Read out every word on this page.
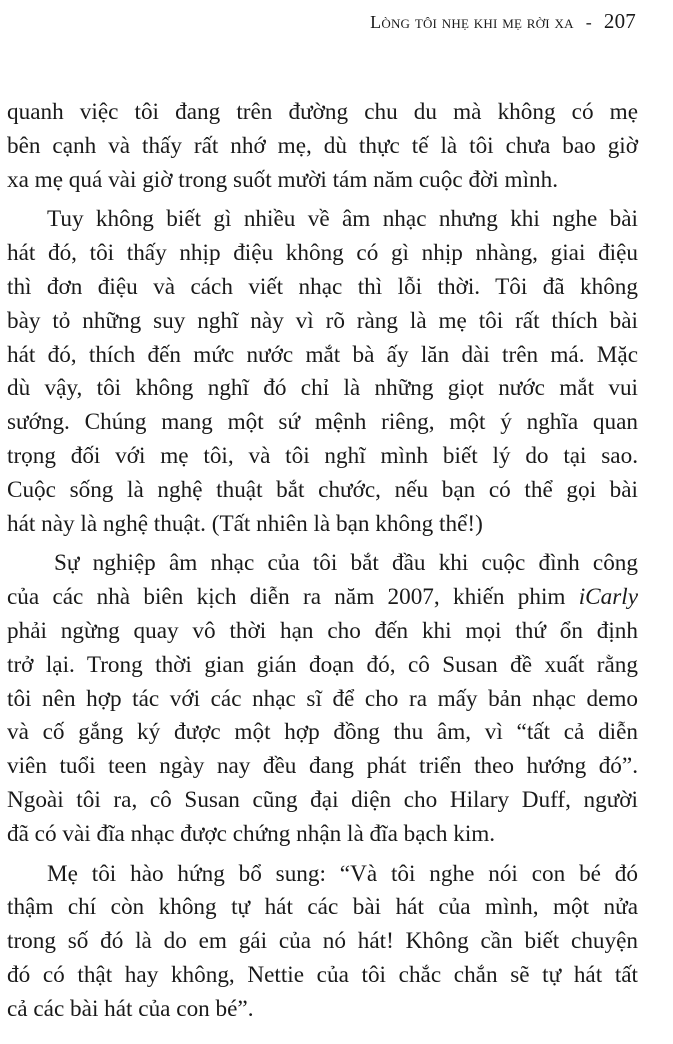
Lòng tôi nhẹ khi mẹ rời xa - 207

quanh việc tôi đang trên đường chu du mà không có mẹ
bên cạnh và thấy rất nhớ mẹ, dù thực tế là tôi chưa bao giờ
xa mẹ quá vài giờ trong suốt mười tám năm cuộc đời mình.

Tuy không biết gì nhiều về âm nhạc nhưng khi nghe bài
hát đó, tôi thấy nhịp điệu không có gì nhịp nhàng, giai điệu
thì đơn điệu và cách viết nhạc thì lỗi thời. Tôi đã không
bày tỏ những suy nghĩ này vì rõ ràng là mẹ tôi rất thích bài
hát đó, thích đến mức nước mắt bà ấy lăn dài trên má. Mặc
dù vậy, tôi không nghĩ đó chỉ là những giọt nước mắt vui
sướng. Chúng mang một sứ mệnh riêng, một ý nghĩa quan
trọng đối với mẹ tôi, và tôi nghĩ mình biết lý do tại sao.
Cuộc sống là nghệ thuật bắt chước, nếu bạn có thể gọi bài
hát này là nghệ thuật. (Tất nhiên là bạn không thể!)

Sự nghiệp âm nhạc của tôi bắt đầu khi cuộc đình công
của các nhà biên kịch diễn ra năm 2007, khiến phim iCarly
phải ngừng quay vô thời hạn cho đến khi mọi thứ ổn định
trở lại. Trong thời gian gián đoạn đó, cô Susan đề xuất rằng
tôi nên hợp tác với các nhạc sĩ để cho ra mấy bản nhạc demo
và cố gắng ký được một hợp đồng thu âm, vì “tất cả diễn
viên tuổi teen ngày nay đều đang phát triển theo hướng đó”.
Ngoài tôi ra, cô Susan cũng đại diện cho Hilary Duff, người
đã có vài đĩa nhạc được chứng nhận là đĩa bạch kim.

Mẹ tôi hào hứng bổ sung: “Và tôi nghe nói con bé đó
thậm chí còn không tự hát các bài hát của mình, một nửa
trong số đó là do em gái của nó hát! Không cần biết chuyện
đó có thật hay không, Nettie của tôi chắc chắn sẽ tự hát tất
cả các bài hát của con bé”.
